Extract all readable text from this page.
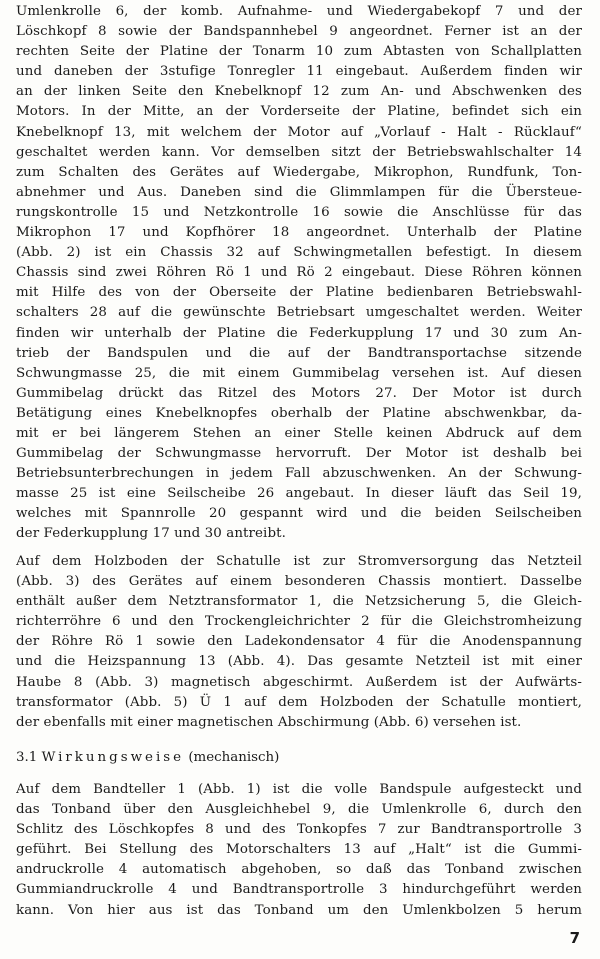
Umlenkrolle 6, der komb. Aufnahme- und Wiedergabekopf 7 und der
Löschkopf 8 sowie der Bandspannhebel 9 angeordnet. Ferner ist an der
rechten Seite der Platine der Tonarm 10 zum Abtasten von Schallplatten
und daneben der 3stufige Tonregler 11 eingebaut. Außerdem finden wir
an der linken Seite den Knebelknopf 12 zum An- und Abschwenken des
Motors. In der Mitte, an der Vorderseite der Platine, befindet sich ein
Knebelknopf 13, mit welchem der Motor auf „Vorlauf - Halt - Rücklauf“
geschaltet werden kann. Vor demselben sitzt der Betriebswahlschalter 14
zum Schalten des Gerätes auf Wiedergabe, Mikrophon, Rundfunk, Ton-
abnehmer und Aus. Daneben sind die Glimmlampen für die Übersteue-
rungskontrolle 15 und Netzkontrolle 16 sowie die Anschlüsse für das
Mikrophon 17 und Kopfhörer 18 angeordnet. Unterhalb der Platine
(Abb. 2) ist ein Chassis 32 auf Schwingmetallen befestigt. In diesem
Chassis sind zwei Röhren Rö 1 und Rö 2 eingebaut. Diese Röhren können
mit Hilfe des von der Oberseite der Platine bedienbaren Betriebswahl-
schalters 28 auf die gewünschte Betriebsart umgeschaltet werden. Weiter
finden wir unterhalb der Platine die Federkupplung 17 und 30 zum An-
trieb der Bandspulen und die auf der Bandtransportachse sitzende
Schwungmasse 25, die mit einem Gummibelag versehen ist. Auf diesen
Gummibelag drückt das Ritzel des Motors 27. Der Motor ist durch
Betätigung eines Knebelknopfes oberhalb der Platine abschwenkbar, da-
mit er bei längerem Stehen an einer Stelle keinen Abdruck auf dem
Gummibelag der Schwungmasse hervorruft. Der Motor ist deshalb bei
Betriebsunterbrechungen in jedem Fall abzuschwenken. An der Schwung-
masse 25 ist eine Seilscheibe 26 angebaut. In dieser läuft das Seil 19,
welches mit Spannrolle 20 gespannt wird und die beiden Seilscheiben
der Federkupplung 17 und 30 antreibt.
Auf dem Holzboden der Schatulle ist zur Stromversorgung das Netzteil
(Abb. 3) des Gerätes auf einem besonderen Chassis montiert. Dasselbe
enthält außer dem Netztransformator 1, die Netzsicherung 5, die Gleich-
richterröhre 6 und den Trockengleichrichter 2 für die Gleichstromheizung
der Röhre Rö 1 sowie den Ladekondensator 4 für die Anodenspannung
und die Heizspannung 13 (Abb. 4). Das gesamte Netzteil ist mit einer
Haube 8 (Abb. 3) magnetisch abgeschirmt. Außerdem ist der Aufwärts-
transformator (Abb. 5) Ü 1 auf dem Holzboden der Schatulle montiert,
der ebenfalls mit einer magnetischen Abschirmung (Abb. 6) versehen ist.
3.1 Wirkungsweise (mechanisch)
Auf dem Bandteller 1 (Abb. 1) ist die volle Bandspule aufgesteckt und
das Tonband über den Ausgleichhebel 9, die Umlenkrolle 6, durch den
Schlitz des Löschkopfes 8 und des Tonkopfes 7 zur Bandtransportrolle 3
geführt. Bei Stellung des Motorschalters 13 auf „Halt“ ist die Gummi-
andruckrolle 4 automatisch abgehoben, so daß das Tonband zwischen
Gummiandruckrolle 4 und Bandtransportrolle 3 hindurchgeführt werden
kann. Von hier aus ist das Tonband um den Umlenkbolzen 5 herum
7
